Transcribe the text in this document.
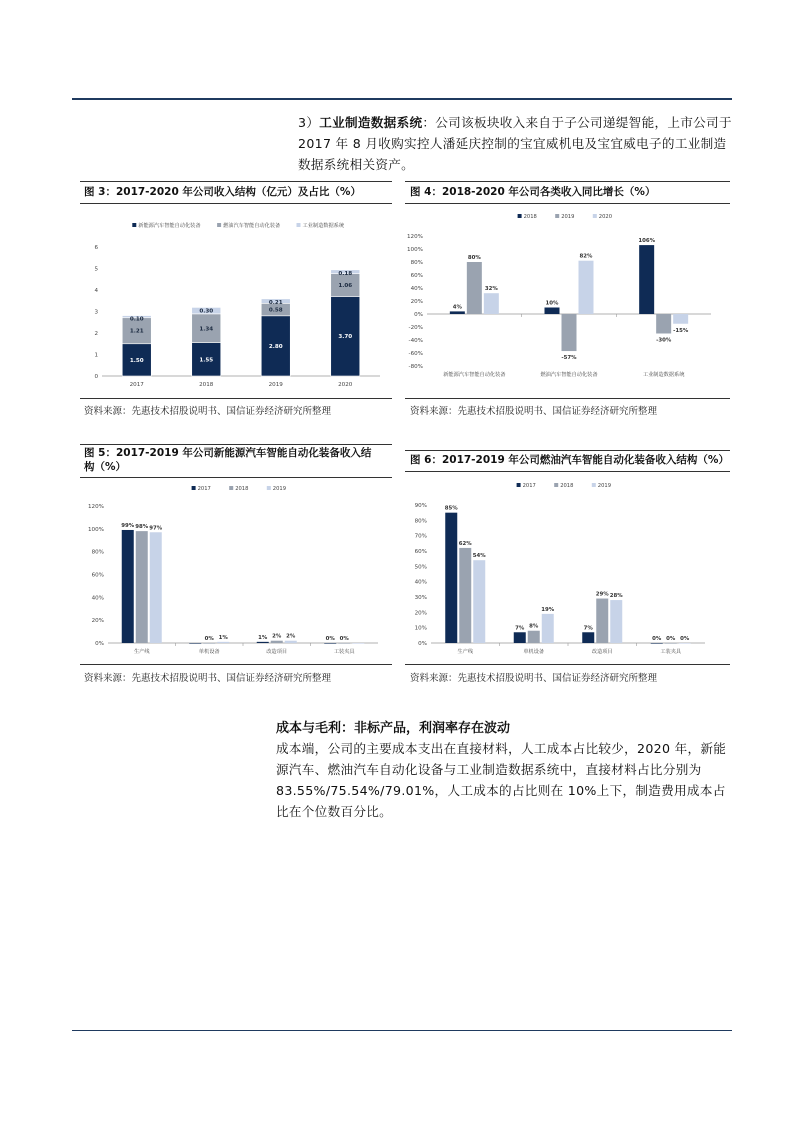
3）工业制造数据系统：公司该板块收入来自于子公司递缇智能，上市公司于 2017 年 8 月收购实控人潘延庆控制的宝宜威机电及宝宜威电子的工业制造数据系统相关资产。
图 3：2017-2020 年公司收入结构（亿元）及占比（%）
新能源汽车智能自动化装备	燃油汽车智能自动化装备	工业制造数据系统
0
1
2
3
4
5
6
1.50
1.21
0.10
2017
1.55
1.34
0.30
2018
2.80
0.58
0.21
2019
3.70
1.06
0.18
2020
资料来源：先惠技术招股说明书、国信证券经济研究所整理
图 4：2018-2020 年公司各类收入同比增长（%）
2018	2019	2020
-80%
-60%
-40%
-20%
0%
20%
40%
60%
80%
100%
120%
4%
80%
32%
新能源汽车智能自动化装备
10%
-57%
82%
燃油汽车智能自动化装备
106%
-30%
-15%
工业制造数据系统
资料来源：先惠技术招股说明书、国信证券经济研究所整理
图 5：2017-2019 年公司新能源汽车智能自动化装备收入结
构（%）
2017	2018	2019
0%
20%
40%
60%
80%
100%
120%
99% 98% 97%
生产线
0% 1%
单机设备
1% 2% 2%
改造项目
0% 0%
工装夹具
资料来源：先惠技术招股说明书、国信证券经济研究所整理
图 6：2017-2019 年公司燃油汽车智能自动化装备收入结构（%）
2017	2018	2019
0%
10%
20%
30%
40%
50%
60%
70%
80%
90%	85%
62%
54%
生产线
7% 8%
19%
单机设备
7%
29% 28%
改造项目
0% 0% 0%
工装夹具
资料来源：先惠技术招股说明书、国信证券经济研究所整理
成本与毛利：非标产品，利润率存在波动
成本端，公司的主要成本支出在直接材料，人工成本占比较少，2020 年，新能源汽车、燃油汽车自动化设备与工业制造数据系统中，直接材料占比分别为 83.55%/75.54%/79.01%，人工成本的占比则在 10%上下，制造费用成本占比在个位数百分比。
